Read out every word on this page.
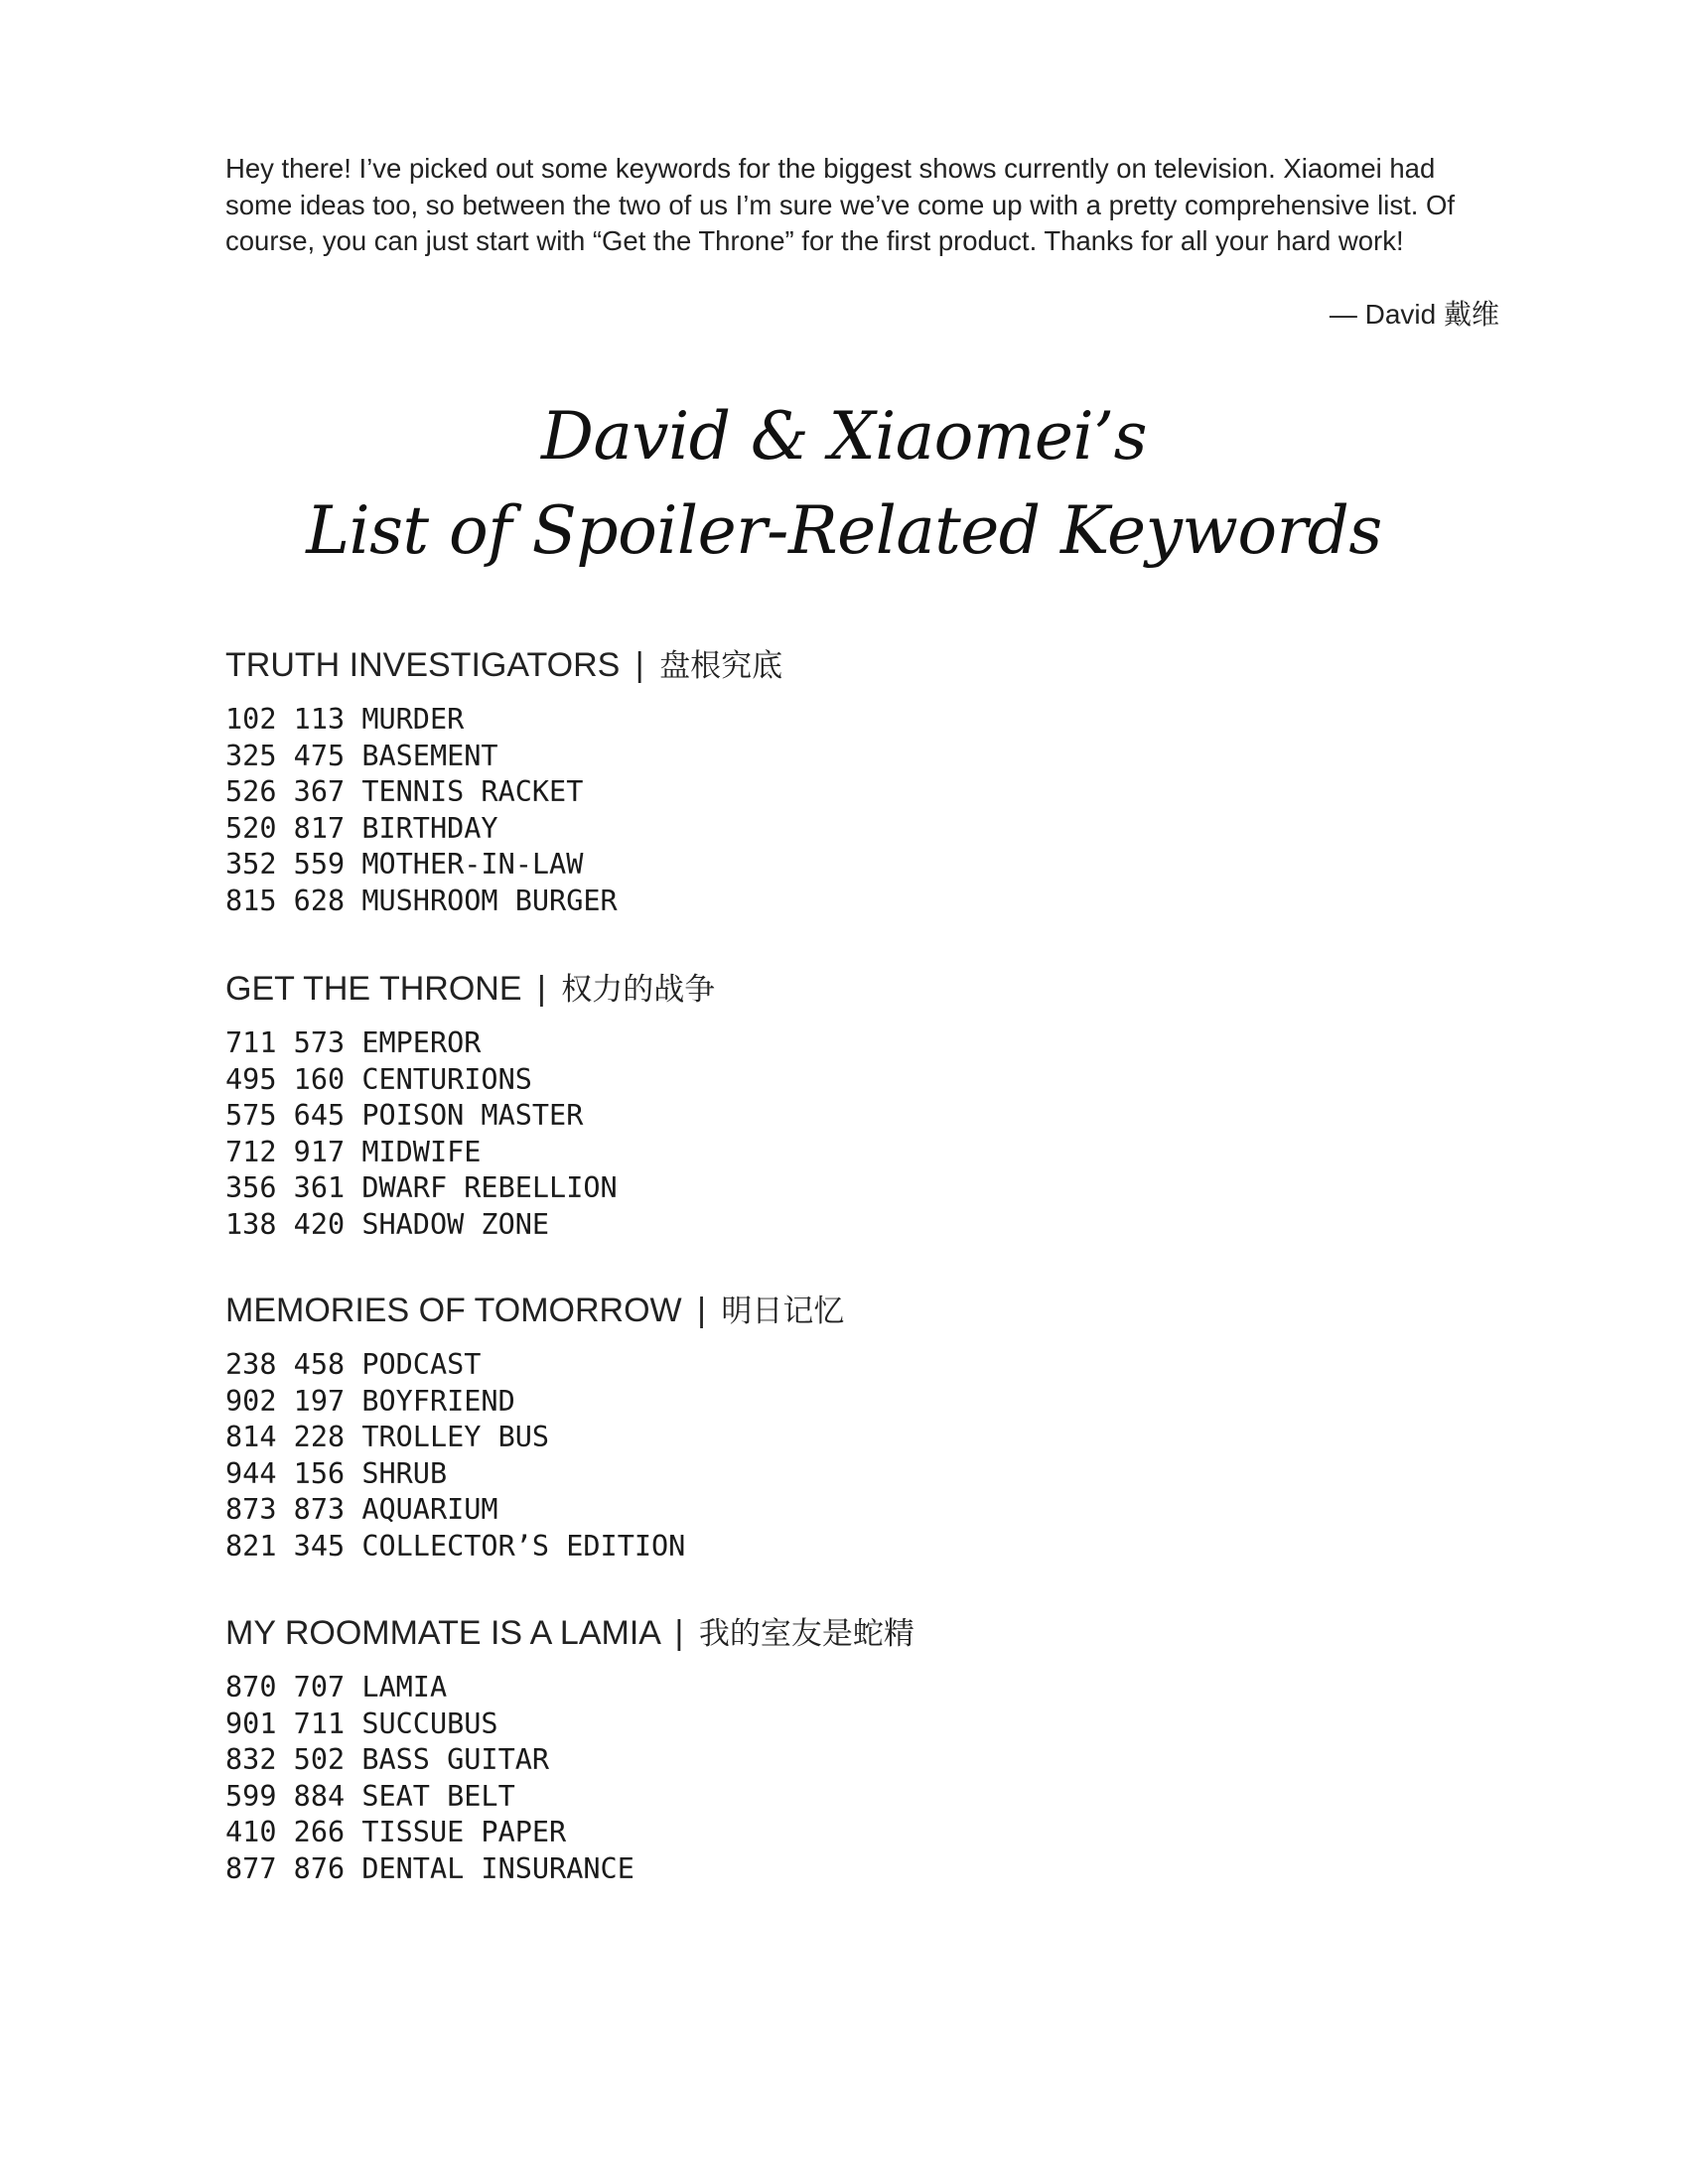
Hey there! I’ve picked out some keywords for the biggest shows currently on television. Xiaomei had some ideas too, so between the two of us I’m sure we’ve come up with a pretty comprehensive list. Of course, you can just start with “Get the Throne” for the first product. Thanks for all your hard work!

— David 戴维
David & Xiaomei’s
List of Spoiler-Related Keywords
TRUTH INVESTIGATORS | 盘根究底
102 113 MURDER
325 475 BASEMENT
526 367 TENNIS RACKET
520 817 BIRTHDAY
352 559 MOTHER-IN-LAW
815 628 MUSHROOM BURGER
GET THE THRONE | 权力的战争
711 573 EMPEROR
495 160 CENTURIONS
575 645 POISON MASTER
712 917 MIDWIFE
356 361 DWARF REBELLION
138 420 SHADOW ZONE
MEMORIES OF TOMORROW | 明日记忆
238 458 PODCAST
902 197 BOYFRIEND
814 228 TROLLEY BUS
944 156 SHRUB
873 873 AQUARIUM
821 345 COLLECTOR’S EDITION
MY ROOMMATE IS A LAMIA | 我的室友是蛇精
870 707 LAMIA
901 711 SUCCUBUS
832 502 BASS GUITAR
599 884 SEAT BELT
410 266 TISSUE PAPER
877 876 DENTAL INSURANCE
